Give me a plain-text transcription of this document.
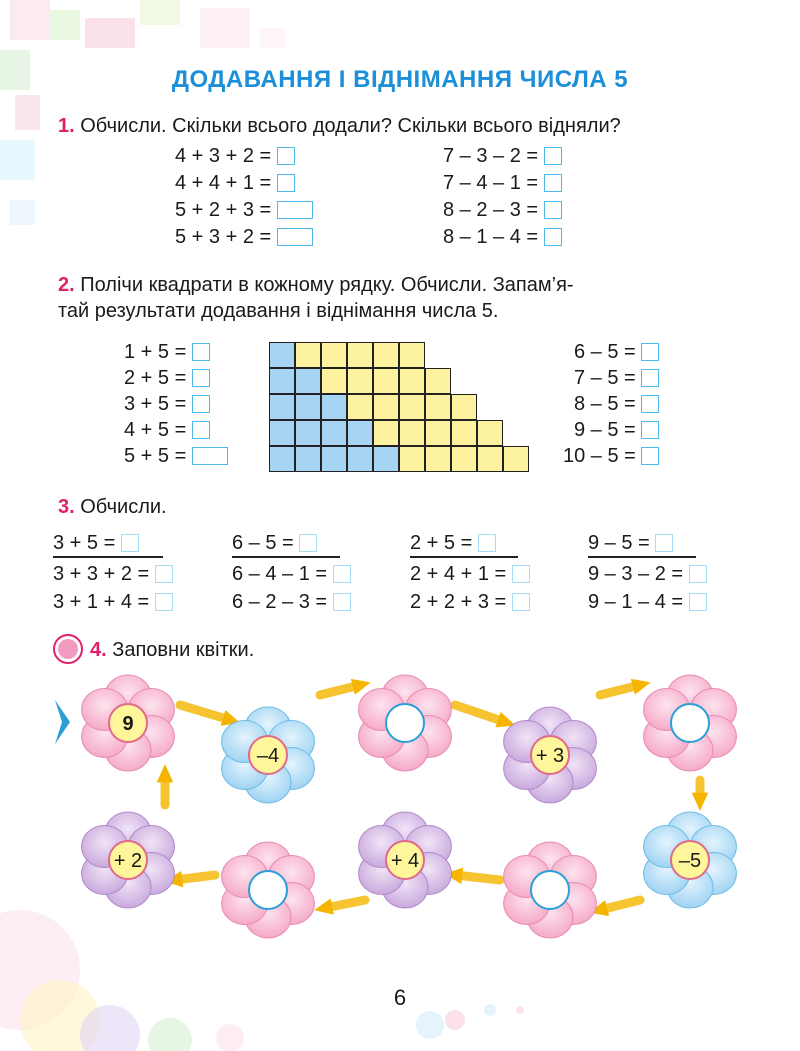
ДОДАВАННЯ І ВІДНІМАННЯ ЧИСЛА 5
1. Обчисли. Скільки всього додали? Скільки всього відняли?
4 + 3 + 2 =
4 + 4 + 1 =
5 + 2 + 3 =
5 + 3 + 2 =
7 – 3 – 2 =
7 – 4 – 1 =
8 – 2 – 3 =
8 – 1 – 4 =
2. Полічи квадрати в кожному рядку. Обчисли. Запам’я-
тай результати додавання і віднімання числа 5.
1 + 5 =
2 + 5 =
3 + 5 =
4 + 5 =
5 + 5 =
6 – 5 =
7 – 5 =
8 – 5 =
9 – 5 =
10 – 5 =
3. Обчисли.
3 + 5 =
3 + 3 + 2 =
3 + 1 + 4 =
6 – 5 =
6 – 4 – 1 =
6 – 2 – 3 =
2 + 5 =
2 + 4 + 1 =
2 + 2 + 3 =
9 – 5 =
9 – 3 – 2 =
9 – 1 – 4 =
4. Заповни квітки.
9
–4	+ 3
–5
+ 4
+ 2
6
